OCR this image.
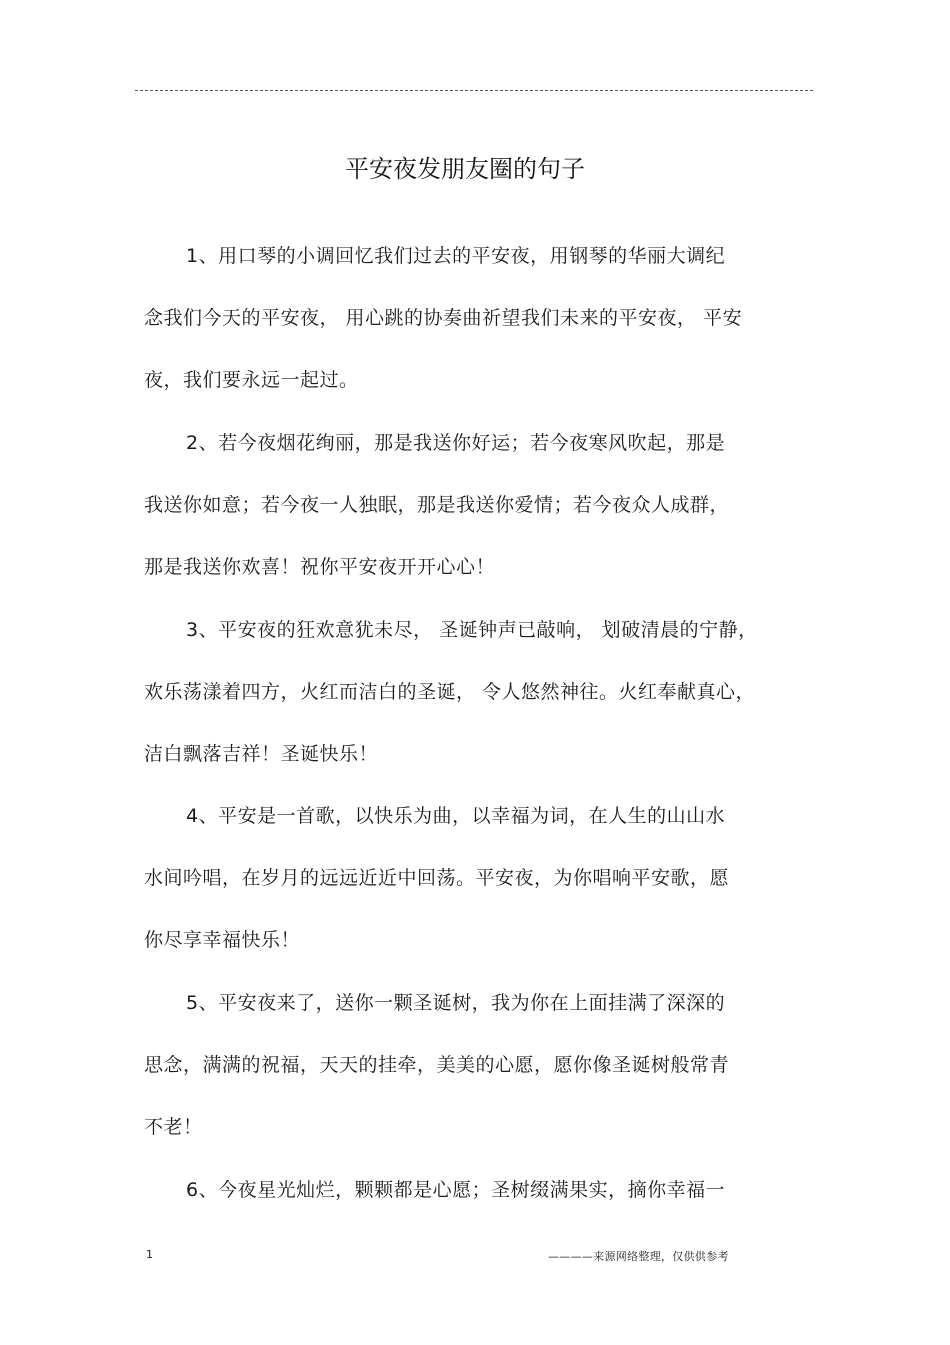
平安夜发朋友圈的句子
1、用口琴的小调回忆我们过去的平安夜，用钢琴的华丽大调纪
念我们今天的平安夜， 用心跳的协奏曲祈望我们未来的平安夜， 平安
夜，我们要永远一起过。
2、若今夜烟花绚丽，那是我送你好运；若今夜寒风吹起，那是
我送你如意；若今夜一人独眠，那是我送你爱情；若今夜众人成群，
那是我送你欢喜！祝你平安夜开开心心！
3、平安夜的狂欢意犹未尽， 圣诞钟声已敲响， 划破清晨的宁静，
欢乐荡漾着四方，火红而洁白的圣诞， 令人悠然神往。火红奉献真心，
洁白飘落吉祥！圣诞快乐！
4、平安是一首歌，以快乐为曲，以幸福为词，在人生的山山水
水间吟唱，在岁月的远远近近中回荡。平安夜，为你唱响平安歌，愿
你尽享幸福快乐！
5、平安夜来了，送你一颗圣诞树，我为你在上面挂满了深深的
思念，满满的祝福，天天的挂牵，美美的心愿，愿你像圣诞树般常青
不老！
6、今夜星光灿烂，颗颗都是心愿；圣树缀满果实，摘你幸福一
1	————来源网络整理，仅供供参考
